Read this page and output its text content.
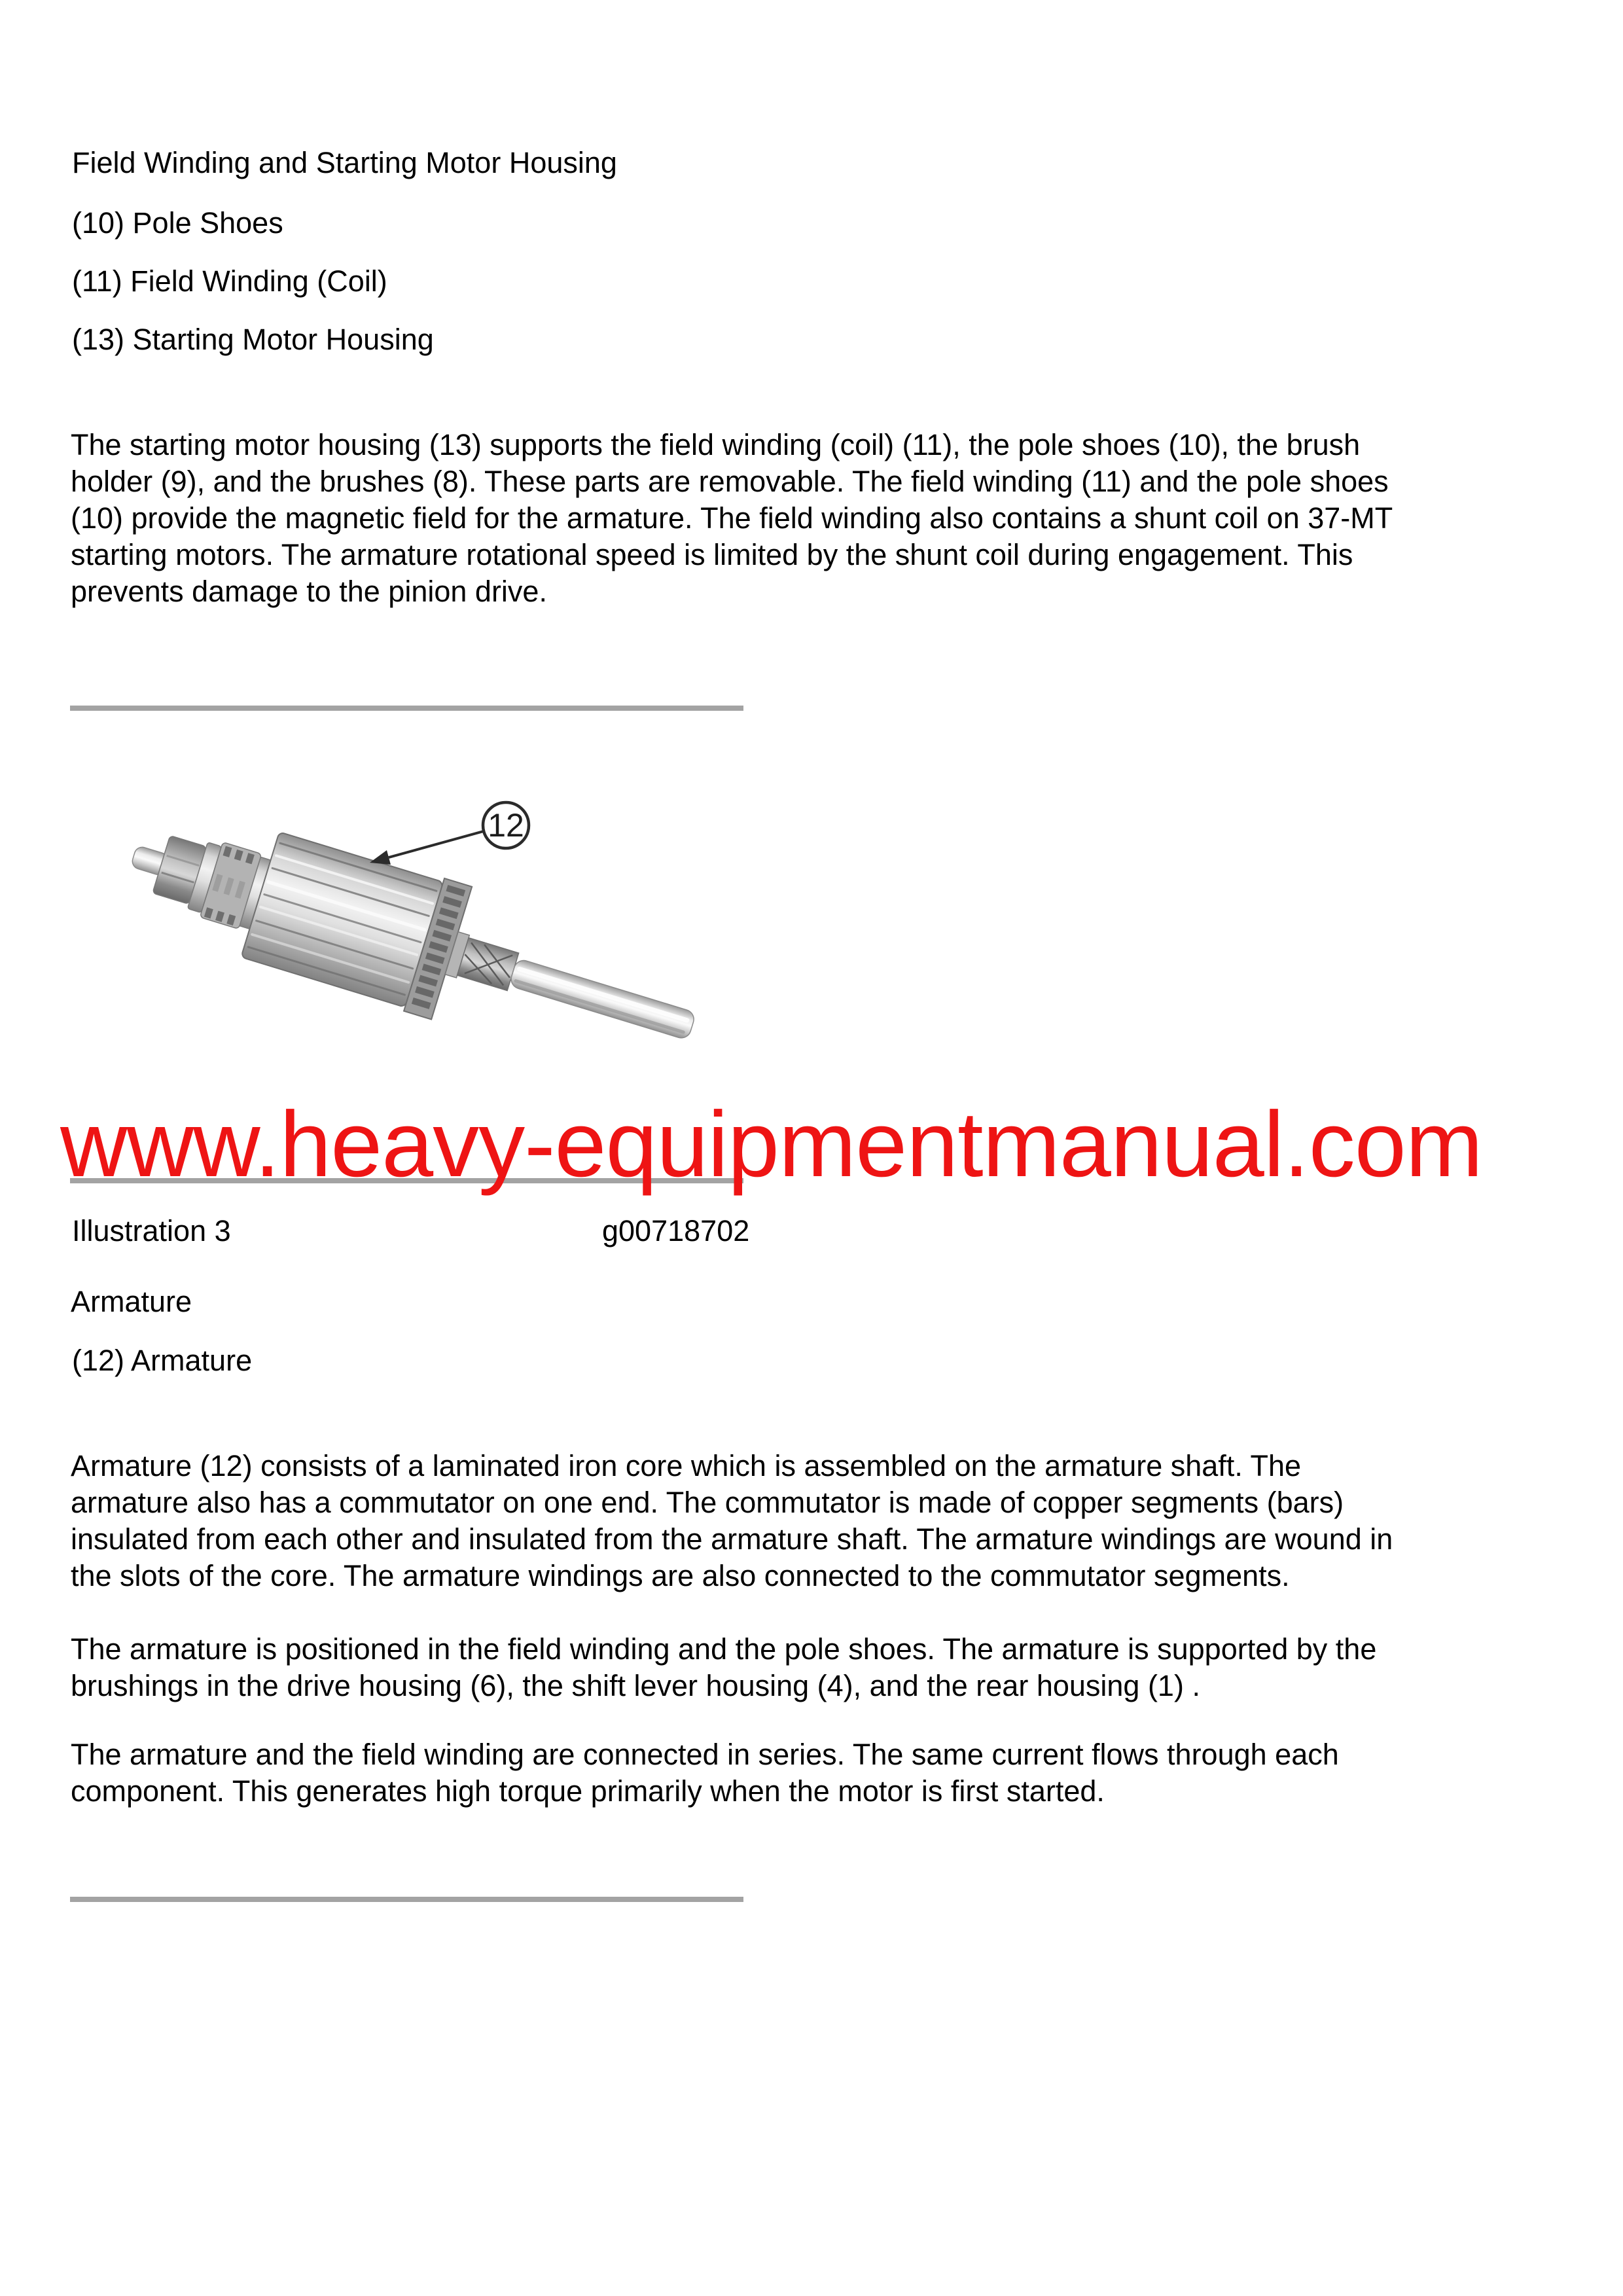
Field Winding and Starting Motor Housing
(10) Pole Shoes
(11) Field Winding (Coil)
(13) Starting Motor Housing
The starting motor housing (13) supports the field winding (coil) (11), the pole shoes (10), the brush
holder (9), and the brushes (8). These parts are removable. The field winding (11) and the pole shoes
(10) provide the magnetic field for the armature. The field winding also contains a shunt coil on 37-MT
starting motors. The armature rotational speed is limited by the shunt coil during engagement. This
prevents damage to the pinion drive.
12
www.heavy-equipmentmanual.com
Illustration 3	g00718702
Armature
(12) Armature
Armature (12) consists of a laminated iron core which is assembled on the armature shaft. The
armature also has a commutator on one end. The commutator is made of copper segments (bars)
insulated from each other and insulated from the armature shaft. The armature windings are wound in
the slots of the core. The armature windings are also connected to the commutator segments.
The armature is positioned in the field winding and the pole shoes. The armature is supported by the
brushings in the drive housing (6), the shift lever housing (4), and the rear housing (1) .
The armature and the field winding are connected in series. The same current flows through each
component. This generates high torque primarily when the motor is first started.
